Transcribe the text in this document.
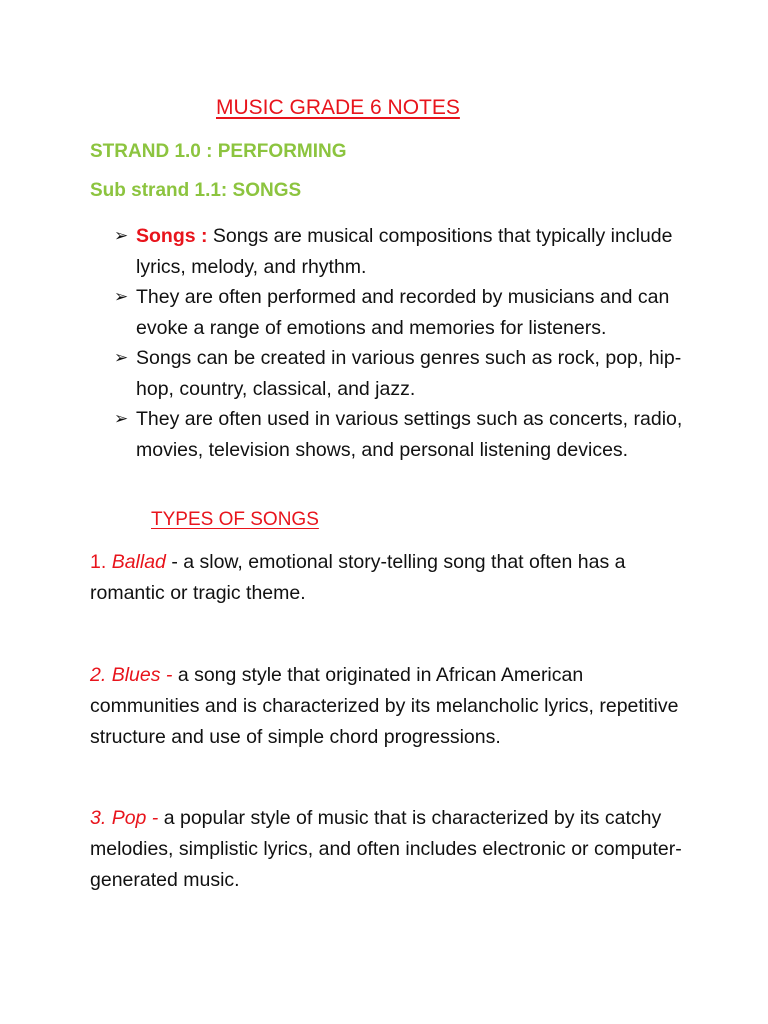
MUSIC GRADE 6 NOTES
STRAND 1.0 : PERFORMING
Sub strand 1.1: SONGS
➢ Songs : Songs are musical compositions that typically include lyrics, melody, and rhythm.
➢ They are often performed and recorded by musicians and can evoke a range of emotions and memories for listeners.
➢ Songs can be created in various genres such as rock, pop, hip-hop, country, classical, and jazz.
➢ They are often used in various settings such as concerts, radio, movies, television shows, and personal listening devices.
TYPES OF SONGS

1. Ballad - a slow, emotional story-telling song that often has a romantic or tragic theme.

2. Blues - a song style that originated in African American communities and is characterized by its melancholic lyrics, repetitive structure and use of simple chord progressions.

3. Pop - a popular style of music that is characterized by its catchy melodies, simplistic lyrics, and often includes electronic or computer-generated music.
